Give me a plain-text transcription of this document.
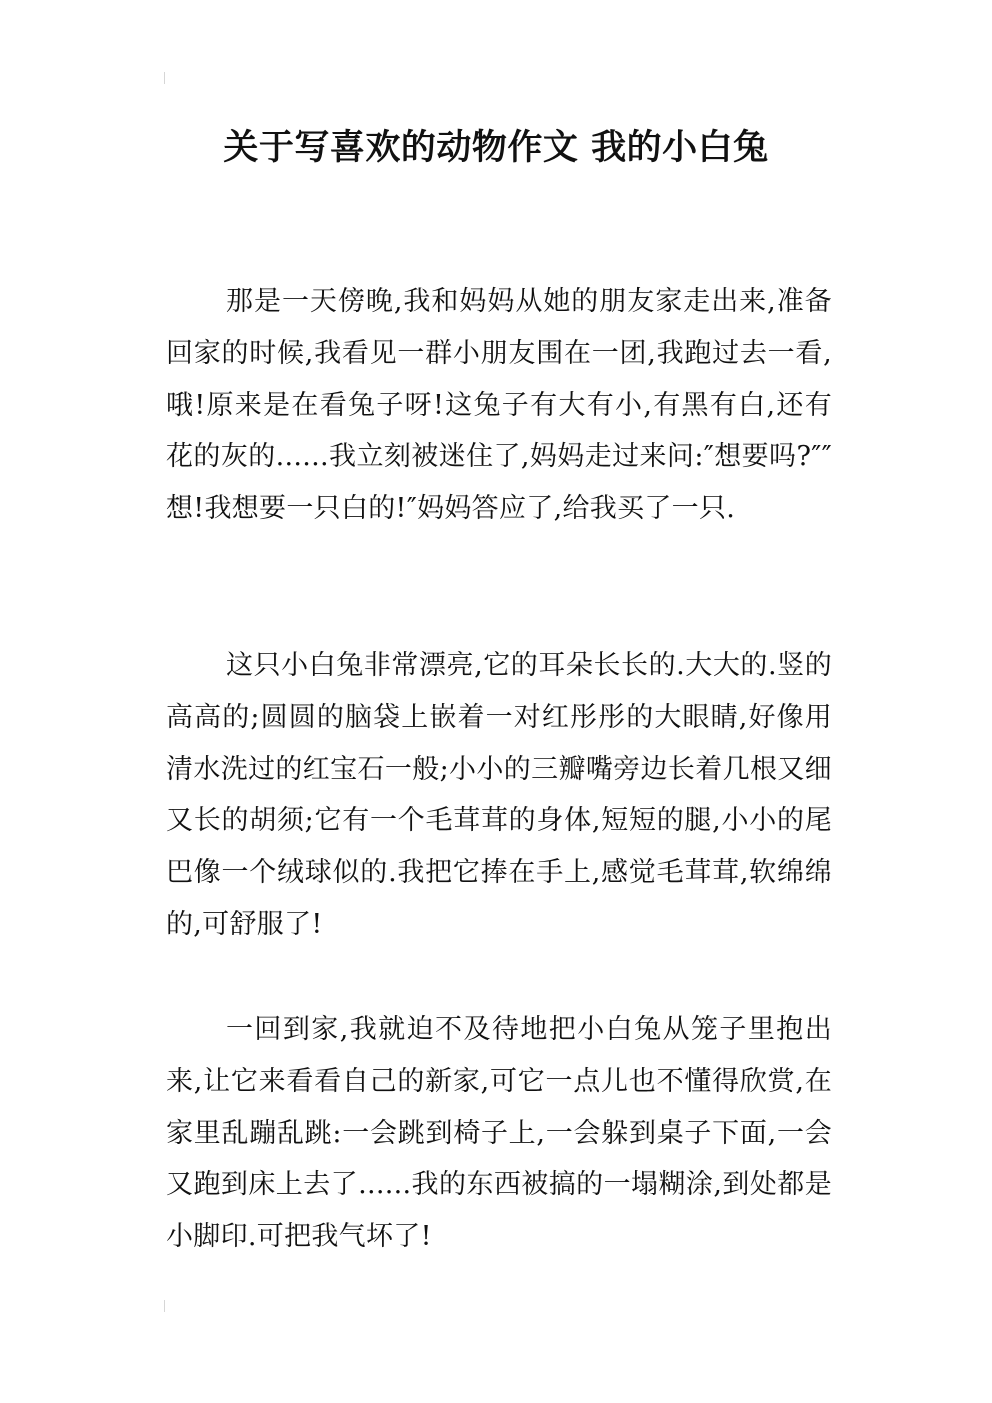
关于写喜欢的动物作文 我的小白兔

那是一天傍晚,我和妈妈从她的朋友家走出来,准备回家的时候,我看见一群小朋友围在一团,我跑过去一看,哦!原来是在看兔子呀!这兔子有大有小,有黑有白,还有花的灰的......我立刻被迷住了,妈妈走过来问:″想要吗?″″想!我想要一只白的!″妈妈答应了,给我买了一只.

这只小白兔非常漂亮,它的耳朵长长的.大大的.竖的高高的;圆圆的脑袋上嵌着一对红彤彤的大眼睛,好像用清水洗过的红宝石一般;小小的三瓣嘴旁边长着几根又细又长的胡须;它有一个毛茸茸的身体,短短的腿,小小的尾巴像一个绒球似的.我把它捧在手上,感觉毛茸茸,软绵绵的,可舒服了!

一回到家,我就迫不及待地把小白兔从笼子里抱出来,让它来看看自己的新家,可它一点儿也不懂得欣赏,在家里乱蹦乱跳:一会跳到椅子上,一会躲到桌子下面,一会又跑到床上去了......我的东西被搞的一塌糊涂,到处都是小脚印.可把我气坏了!
